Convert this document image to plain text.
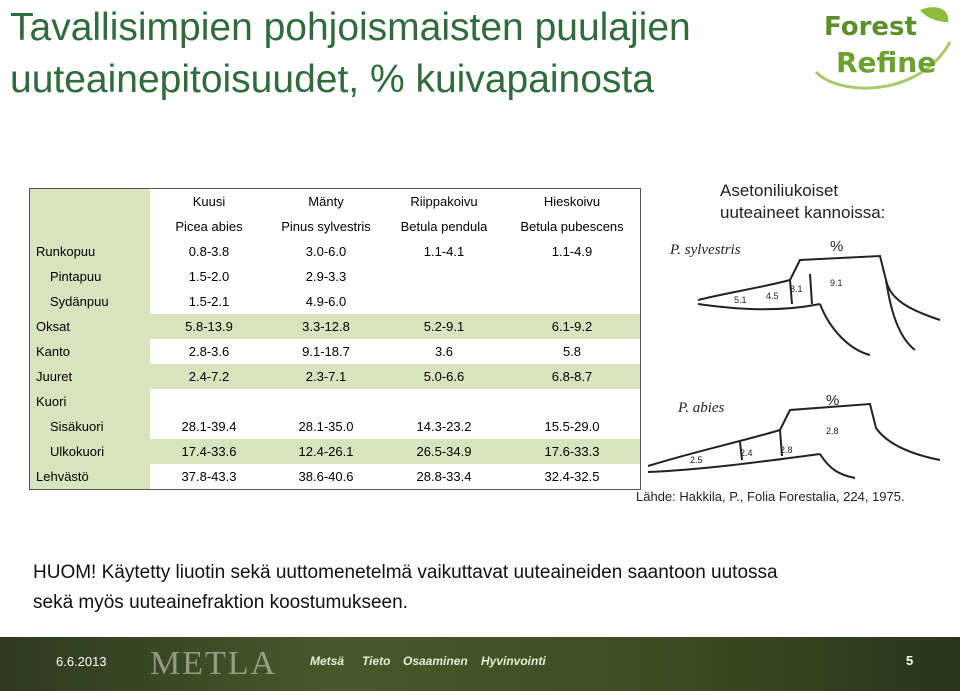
Tavallisimpien pohjoismaisten puulajien
uuteainepitoisuudet, % kuivapainosta
Forest
Refine
	Kuusi	Mänty	Riippakoivu	Hieskoivu
	Picea abies	Pinus sylvestris	Betula pendula	Betula pubescens
Runkopuu	0.8-3.8	3.0-6.0	1.1-4.1	1.1-4.9
Pintapuu	1.5-2.0	2.9-3.3		
Sydänpuu	1.5-2.1	4.9-6.0		
Oksat	5.8-13.9	3.3-12.8	5.2-9.1	6.1-9.2
Kanto	2.8-3.6	9.1-18.7	3.6	5.8
Juuret	2.4-7.2	2.3-7.1	5.0-6.6	6.8-8.7
Kuori				
Sisäkuori	28.1-39.4	28.1-35.0	14.3-23.2	15.5-29.0
Ulkokuori	17.4-33.6	12.4-26.1	26.5-34.9	17.6-33.3
Lehvästö	37.8-43.3	38.6-40.6	28.8-33.4	32.4-32.5
Asetoniliukoiset
uuteaineet kannoissa:
P. sylvestris
P. abies
%
%
5.1 4.5
8.1
9.1
2.5
2.4	2.8
2.8
Lähde: Hakkila, P., Folia Forestalia, 224, 1975.
HUOM! Käytetty liuotin sekä uuttomenetelmä vaikuttavat uuteaineiden saantoon uutossa
sekä myös uuteainefraktion koostumukseen.
6.6.2013 METLA	Metsä Tieto Osaaminen Hyvinvointi	5
